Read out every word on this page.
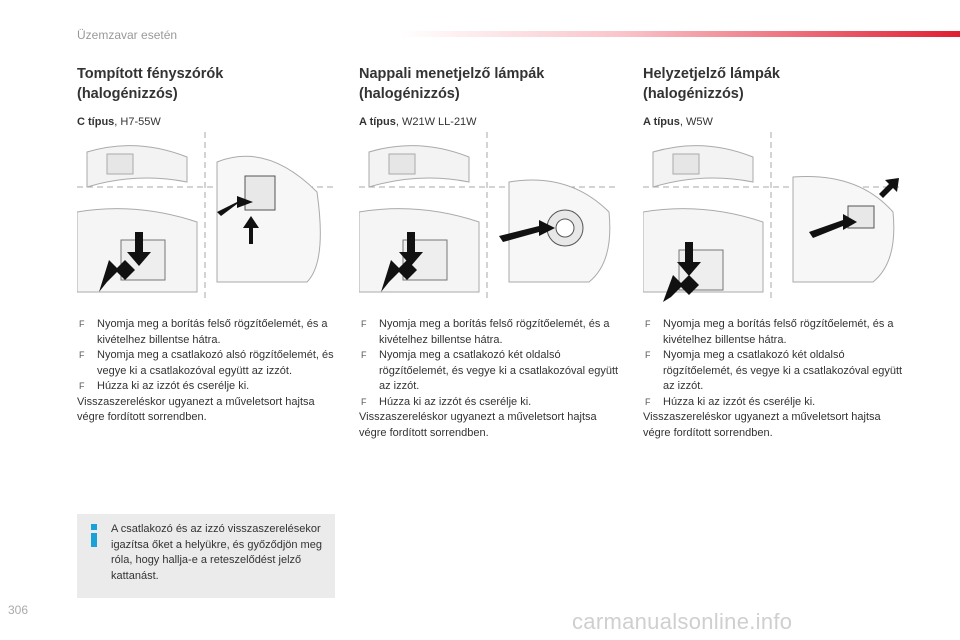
Üzemzavar esetén
Tompított fényszórók
(halogénizzós)
C típus, H7-55W
Nappali menetjelző lámpák
(halogénizzós)
A típus, W21W LL-21W
Helyzetjelző lámpák
(halogénizzós)
A típus, W5W
F Nyomja meg a borítás felső rögzítőelemét, és a kivételhez billentse hátra.
F Nyomja meg a csatlakozó alsó rögzítőelemét, és vegye ki a csatlakozóval együtt az izzót.
F Húzza ki az izzót és cserélje ki.

Visszaszereléskor ugyanezt a műveletsort hajtsa végre fordított sorrendben.

F Nyomja meg a borítás felső rögzítőelemét, és a kivételhez billentse hátra.
F Nyomja meg a csatlakozó két oldalsó rögzítőelemét, és vegye ki a csatlakozóval együtt az izzót.
F Húzza ki az izzót és cserélje ki.

Visszaszereléskor ugyanezt a műveletsort hajtsa végre fordított sorrendben.

F Nyomja meg a borítás felső rögzítőelemét, és a kivételhez billentse hátra.
F Nyomja meg a csatlakozó két oldalsó rögzítőelemét, és vegye ki a csatlakozóval együtt az izzót.
F Húzza ki az izzót és cserélje ki.

Visszaszereléskor ugyanezt a műveletsort hajtsa végre fordított sorrendben.

A csatlakozó és az izzó visszaszerelésekor igazítsa őket a helyükre, és győződjön meg róla, hogy hallja-e a reteszelődést jelző kattanást.
306	carmanualsonline.info
